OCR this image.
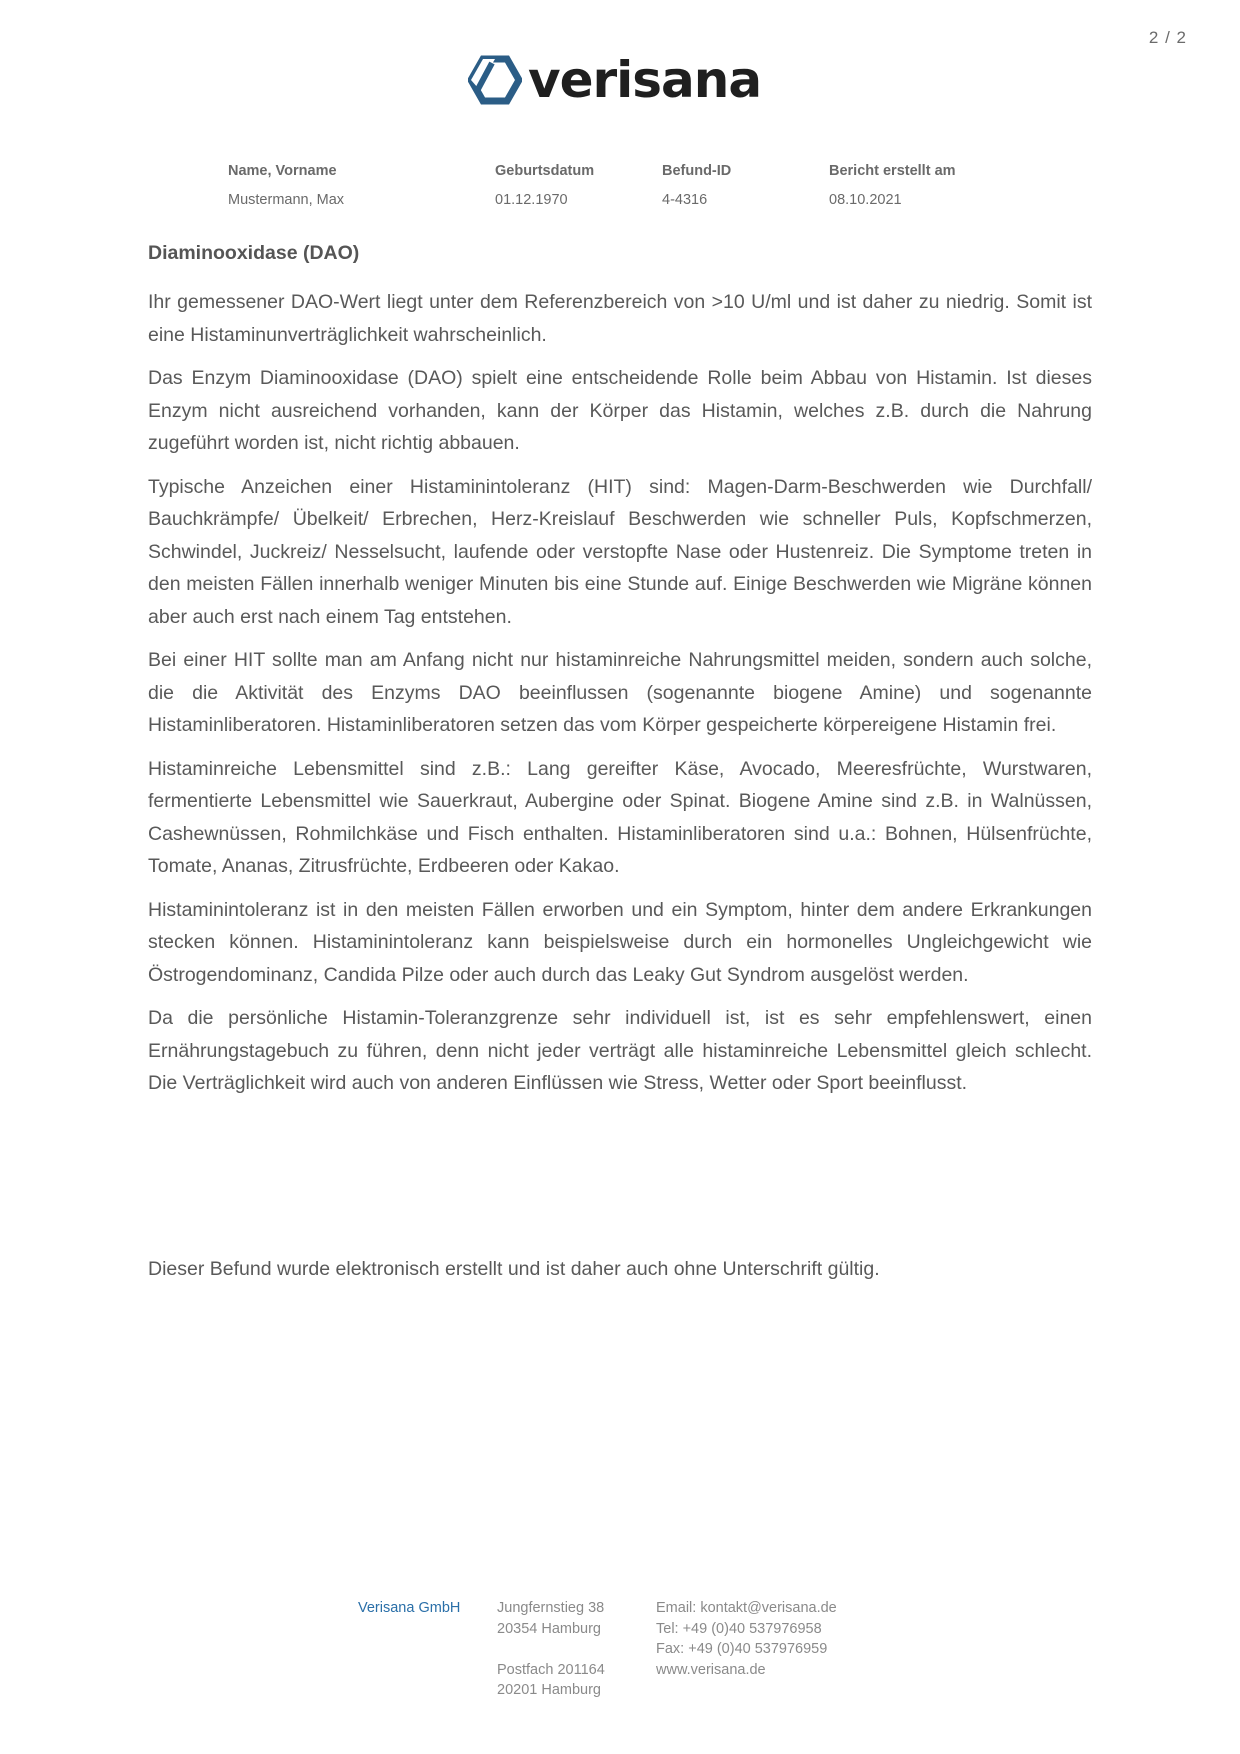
2 / 2
verisana
Name, Vorname
Mustermann, Max
Geburtsdatum
01.12.1970
Befund-ID
4-4316
Bericht erstellt am
08.10.2021
Diaminooxidase (DAO)

Ihr gemessener DAO-Wert liegt unter dem Referenzbereich von >10 U/ml und ist daher zu niedrig. Somit ist eine Histaminunverträglichkeit wahrscheinlich.

Das Enzym Diaminooxidase (DAO) spielt eine entscheidende Rolle beim Abbau von Histamin. Ist dieses Enzym nicht ausreichend vorhanden, kann der Körper das Histamin, welches z.B. durch die Nahrung zugeführt worden ist, nicht richtig abbauen.

Typische Anzeichen einer Histaminintoleranz (HIT) sind: Magen-Darm-Beschwerden wie Durchfall/ Bauchkrämpfe/ Übelkeit/ Erbrechen, Herz-Kreislauf Beschwerden wie schneller Puls, Kopfschmerzen, Schwindel, Juckreiz/ Nesselsucht, laufende oder verstopfte Nase oder Hustenreiz. Die Symptome treten in den meisten Fällen innerhalb weniger Minuten bis eine Stunde auf. Einige Beschwerden wie Migräne können aber auch erst nach einem Tag entstehen.

Bei einer HIT sollte man am Anfang nicht nur histaminreiche Nahrungsmittel meiden, sondern auch solche, die die Aktivität des Enzyms DAO beeinflussen (sogenannte biogene Amine) und sogenannte Histaminliberatoren. Histaminliberatoren setzen das vom Körper gespeicherte körpereigene Histamin frei.

Histaminreiche Lebensmittel sind z.B.: Lang gereifter Käse, Avocado, Meeresfrüchte, Wurstwaren, fermentierte Lebensmittel wie Sauerkraut, Aubergine oder Spinat. Biogene Amine sind z.B. in Walnüssen, Cashewnüssen, Rohmilchkäse und Fisch enthalten. Histaminliberatoren sind u.a.: Bohnen, Hülsenfrüchte, Tomate, Ananas, Zitrusfrüchte, Erdbeeren oder Kakao.

Histaminintoleranz ist in den meisten Fällen erworben und ein Symptom, hinter dem andere Erkrankungen stecken können. Histaminintoleranz kann beispielsweise durch ein hormonelles Ungleichgewicht wie Östrogendominanz, Candida Pilze oder auch durch das Leaky Gut Syndrom ausgelöst werden.

Da die persönliche Histamin-Toleranzgrenze sehr individuell ist, ist es sehr empfehlenswert, einen Ernährungstagebuch zu führen, denn nicht jeder verträgt alle histaminreiche Lebensmittel gleich schlecht. Die Verträglichkeit wird auch von anderen Einflüssen wie Stress, Wetter oder Sport beeinflusst.

Dieser Befund wurde elektronisch erstellt und ist daher auch ohne Unterschrift gültig.

Verisana GmbH	Jungfernstieg 38
20354 Hamburg
Postfach 201164
20201 Hamburg
Email: kontakt@verisana.de
Tel: +49 (0)40 537976958
Fax: +49 (0)40 537976959
www.verisana.de
